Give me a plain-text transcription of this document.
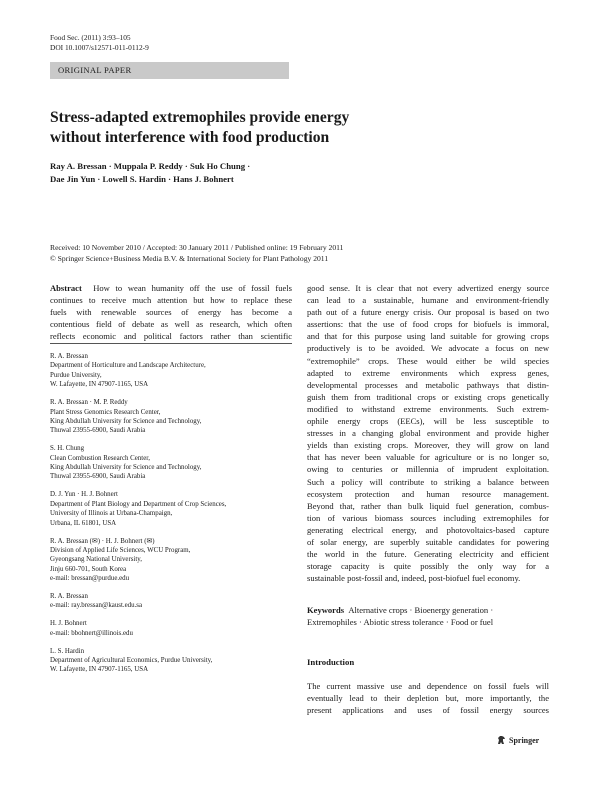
Food Sec. (2011) 3:93–105
DOI 10.1007/s12571-011-0112-9
ORIGINAL PAPER
Stress-adapted extremophiles provide energy
without interference with food production
Ray A. Bressan · Muppala P. Reddy · Suk Ho Chung ·
Dae Jin Yun · Lowell S. Hardin · Hans J. Bohnert
Received: 10 November 2010 / Accepted: 30 January 2011 / Published online: 19 February 2011
© Springer Science+Business Media B.V. & International Society for Plant Pathology 2011
Abstract How to wean humanity off the use of fossil fuels
continues to receive much attention but how to replace these
fuels with renewable sources of energy has become a
contentious field of debate as well as research, which often
reflects economic and political factors rather than scientific
R. A. Bressan
Department of Horticulture and Landscape Architecture,
Purdue University,
W. Lafayette, IN 47907-1165, USA
R. A. Bressan · M. P. Reddy
Plant Stress Genomics Research Center,
King Abdullah University for Science and Technology,
Thuwal 23955-6900, Saudi Arabia
S. H. Chung
Clean Combustion Research Center,
King Abdullah University for Science and Technology,
Thuwal 23955-6900, Saudi Arabia
D. J. Yun · H. J. Bohnert
Department of Plant Biology and Department of Crop Sciences,
University of Illinois at Urbana-Champaign,
Urbana, IL 61801, USA
R. A. Bressan (✉) · H. J. Bohnert (✉)
Division of Applied Life Sciences, WCU Program,
Gyeongsang National University,
Jinju 660-701, South Korea
e-mail: bressan@purdue.edu
R. A. Bressan
e-mail: ray.bressan@kaust.edu.sa
H. J. Bohnert
e-mail: bbohnert@illinois.edu
L. S. Hardin
Department of Agricultural Economics, Purdue University,
W. Lafayette, IN 47907-1165, USA
good sense. It is clear that not every advertized energy source
can lead to a sustainable, humane and environment-friendly
path out of a future energy crisis. Our proposal is based on two
assertions: that the use of food crops for biofuels is immoral,
and that for this purpose using land suitable for growing crops
productively is to be avoided. We advocate a focus on new
“extremophile” crops. These would either be wild species
adapted to extreme environments which express genes,
developmental processes and metabolic pathways that distin-
guish them from traditional crops or existing crops genetically
modified to withstand extreme environments. Such extrem-
ophile energy crops (EECs), will be less susceptible to
stresses in a changing global environment and provide higher
yields than existing crops. Moreover, they will grow on land
that has never been valuable for agriculture or is no longer so,
owing to centuries or millennia of imprudent exploitation.
Such a policy will contribute to striking a balance between
ecosystem protection and human resource management.
Beyond that, rather than bulk liquid fuel generation, combus-
tion of various biomass sources including extremophiles for
generating electrical energy, and photovoltaics-based capture
of solar energy, are superbly suitable candidates for powering
the world in the future. Generating electricity and efficient
storage capacity is quite possibly the only way for a
sustainable post-fossil and, indeed, post-biofuel fuel economy.
Keywords Alternative crops · Bioenergy generation ·
Extremophiles · Abiotic stress tolerance · Food or fuel
Introduction
The current massive use and dependence on fossil fuels will
eventually lead to their depletion but, more importantly, the
present applications and uses of fossil energy sources
Springer
